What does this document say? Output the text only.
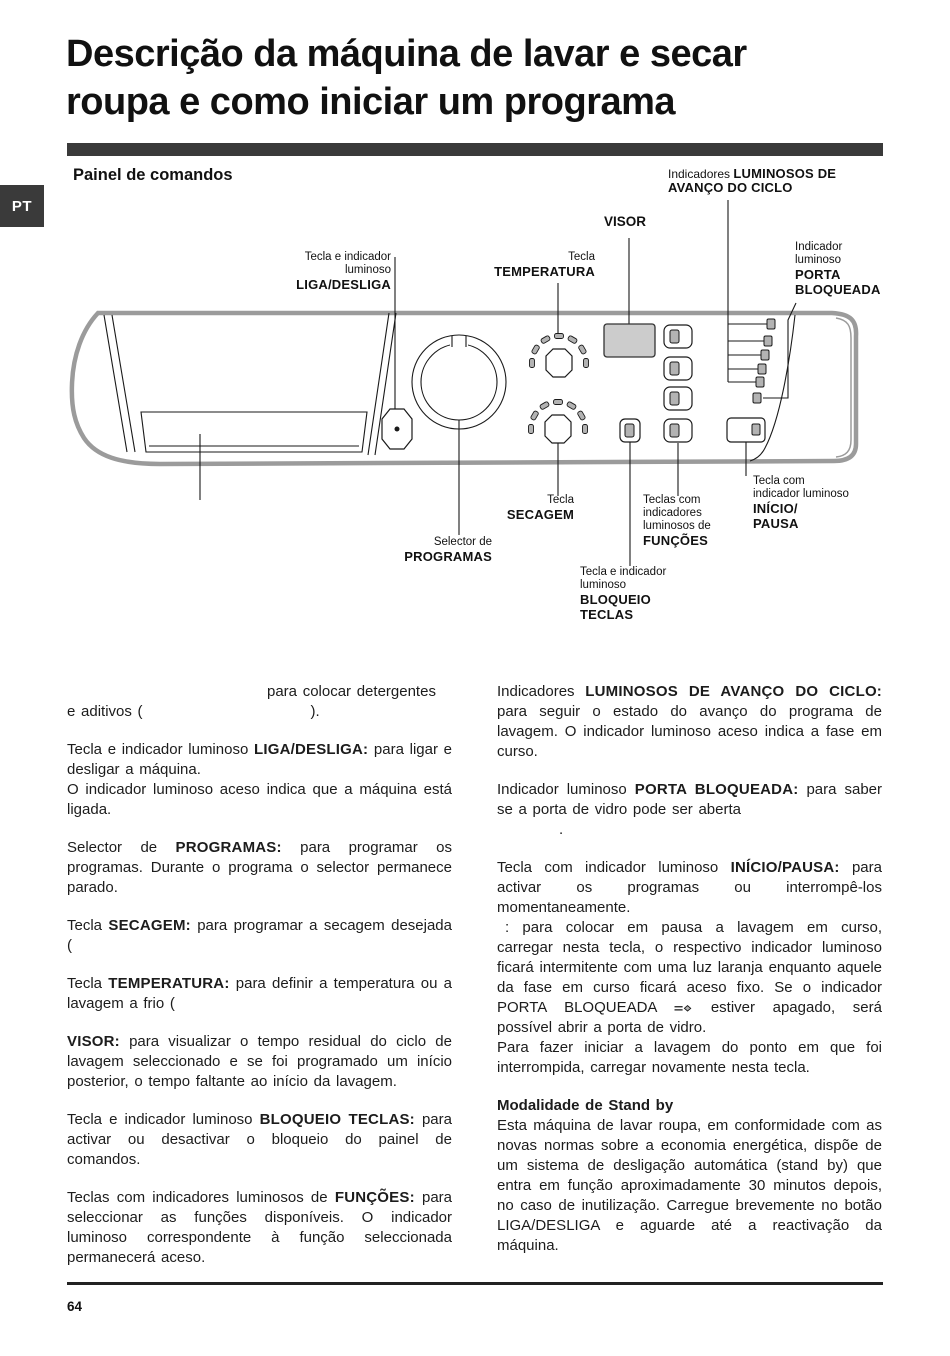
Descrição da máquina de lavar e secar
roupa e como iniciar um programa
Painel de comandos
PT
VISOR
Indicadores LUMINOSOS DE
AVANÇO DO CICLO
Tecla e indicador
luminoso
LIGA/DESLIGA
Tecla
TEMPERATURA
Indicador
luminoso
PORTA
BLOQUEADA
Selector de
PROGRAMAS
Tecla
SECAGEM
Tecla e indicador
luminoso
BLOQUEIO
TECLAS
Teclas com
indicadores
luminosos de
FUNÇÕES
Tecla com
indicador luminoso
INÍCIO/
PAUSA

para colocar detergentes
e aditivos (	).

Tecla e indicador luminoso LIGA/DESLIGA: para ligar e desligar a máquina.
O indicador luminoso aceso indica que a máquina está ligada.

Selector de PROGRAMAS: para programar os programas. Durante o programa o selector permanece parado.

Tecla SECAGEM: para programar a secagem desejada (

Tecla TEMPERATURA: para definir a temperatura ou a lavagem a frio (

VISOR: para visualizar o tempo residual do ciclo de lavagem seleccionado e se foi programado um início posterior, o tempo faltante ao início da lavagem.

Tecla e indicador luminoso BLOQUEIO TECLAS: para activar ou desactivar o bloqueio do painel de comandos.

Teclas com indicadores luminosos de FUNÇÕES: para seleccionar as funções disponíveis. O indicador luminoso correspondente à função seleccionada permanecerá aceso.

Indicadores LUMINOSOS DE AVANÇO DO CICLO: para seguir o estado do avanço do programa de lavagem. O indicador luminoso aceso indica a fase em curso.

Indicador luminoso PORTA BLOQUEADA: para saber se a porta de vidro pode ser aberta
.

Tecla com indicador luminoso INÍCIO/PAUSA: para activar os programas ou interrompê-los momentaneamente.
: para colocar em pausa a lavagem em curso, carregar nesta tecla, o respectivo indicador luminoso ficará intermitente com uma luz laranja enquanto aquele da fase em curso ficará aceso fixo. Se o indicador PORTA BLOQUEADA  estiver apagado, será possível abrir a porta de vidro.
Para fazer iniciar a lavagem do ponto em que foi interrompida, carregar novamente nesta tecla.

Modalidade de Stand by
Esta máquina de lavar roupa, em conformidade com as novas normas sobre a economia energética, dispõe de um sistema de desligação automática (stand by) que entra em função aproximadamente 30 minutos depois, no caso de inutilização. Carregue brevemente no botão LIGA/DESLIGA e aguarde até a reactivação da máquina.

64
